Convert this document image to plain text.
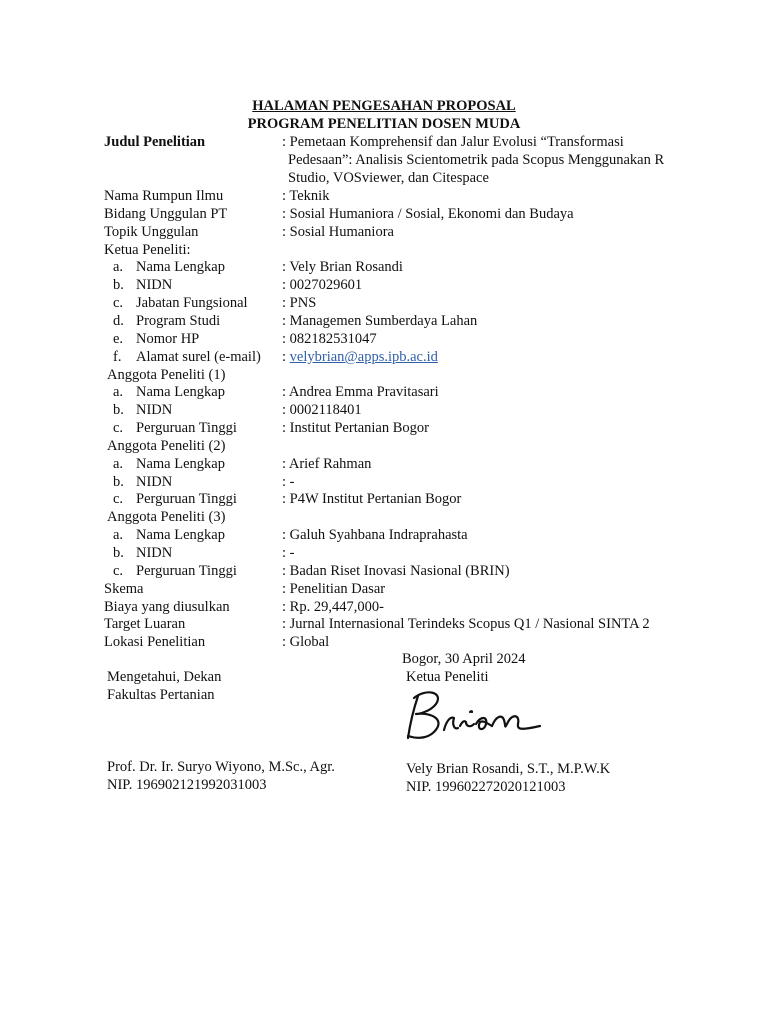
HALAMAN PENGESAHAN PROPOSAL
PROGRAM PENELITIAN DOSEN MUDA
Judul Penelitian	: Pemetaan Komprehensif dan Jalur Evolusi “Transformasi
Pedesaan”: Analisis Scientometrik pada Scopus Menggunakan R
Studio, VOSviewer, dan Citespace
Nama Rumpun Ilmu	: Teknik
Bidang Unggulan PT	: Sosial Humaniora / Sosial, Ekonomi dan Budaya
Topik Unggulan	: Sosial Humaniora
Ketua Peneliti:
a. Nama Lengkap	: Vely Brian Rosandi
b. NIDN	: 0027029601
c. Jabatan Fungsional : PNS
d. Program Studi	: Managemen Sumberdaya Lahan
e. Nomor HP	: 082182531047
f. Alamat surel (e-mail) : velybrian@apps.ipb.ac.id
Anggota Peneliti (1)
a. Nama Lengkap	: Andrea Emma Pravitasari
b. NIDN	: 0002118401
c. Perguruan Tinggi	: Institut Pertanian Bogor
Anggota Peneliti (2)
a. Nama Lengkap	: Arief Rahman
b. NIDN	: -
c. Perguruan Tinggi	: P4W Institut Pertanian Bogor
Anggota Peneliti (3)
a. Nama Lengkap	: Galuh Syahbana Indraprahasta
b. NIDN	: -
c. Perguruan Tinggi	: Badan Riset Inovasi Nasional (BRIN)
Skema	: Penelitian Dasar
Biaya yang diusulkan	: Rp. 29,447,000-
Target Luaran	: Jurnal Internasional Terindeks Scopus Q1 / Nasional SINTA 2
Lokasi Penelitian	: Global
Bogor, 30 April 2024
Mengetahui, Dekan	Ketua Peneliti
Fakultas Pertanian
Prof. Dr. Ir. Suryo Wiyono, M.Sc., Agr.	Vely Brian Rosandi, S.T., M.P.W.K
NIP. 196902121992031003	NIP. 199602272020121003
